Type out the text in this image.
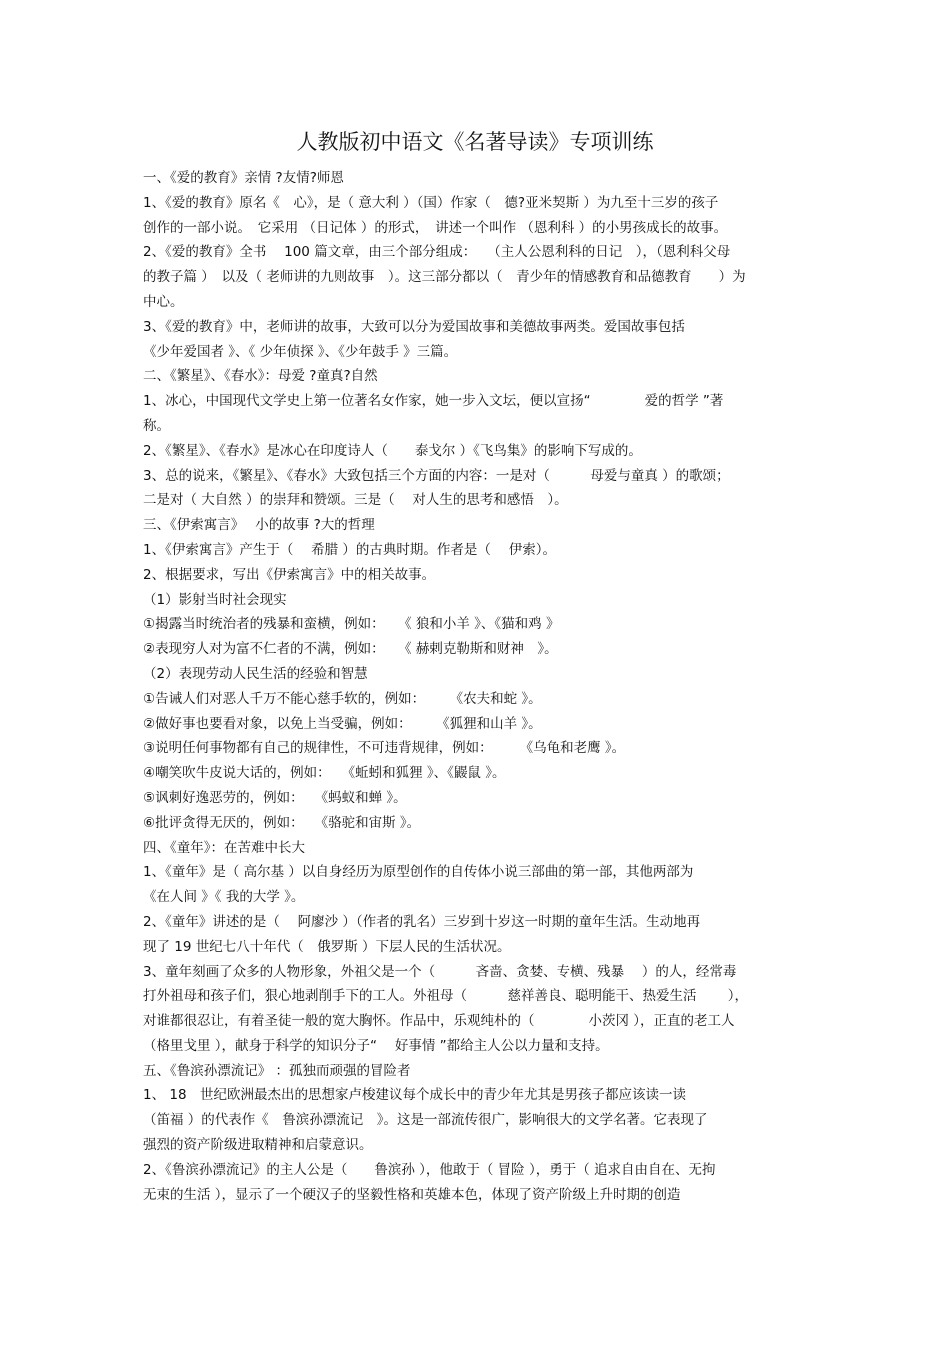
人教版初中语文《名著导读》专项训练
一、《爱的教育》亲情 ?友情?师恩
1、《爱的教育》原名《　心》，是（ 意大利 ）（国）作家（　德?亚米契斯 ）为九至十三岁的孩子
创作的一部小说。　它采用 （日记体 ）的形式，　讲述一个叫作 （恩利科 ）的小男孩成长的故事。
2、《爱的教育》全书　 100 篇文章，由三个部分组成：　 （主人公恩利科的日记　），（恩利科父母
的教子篇 ）　以及（ 老师讲的九则故事　）。这三部分都以（　青少年的情感教育和品德教育　　）为
中心。
3、《爱的教育》中，老师讲的故事，大致可以分为爱国故事和美德故事两类。爱国故事包括
《少年爱国者 》、《 少年侦探 》、《少年鼓手 》三篇。
二、《繁星》、《春水》：母爱 ?童真?自然
1、冰心，中国现代文学史上第一位著名女作家，她一步入文坛，便以宣扬“　　　　爱的哲学 ”著
称。
2、《繁星》、《春水》是冰心在印度诗人（　　泰戈尔 ）《飞鸟集》的影响下写成的。
3、总的说来，《繁星》、《春水》大致包括三个方面的内容：一是对（　　　母爱与童真 ）的歌颂；
二是对（ 大自然 ）的崇拜和赞颂。三是（　 对人生的思考和感悟　）。
三、《伊索寓言》　 小的故事 ?大的哲理
1、《伊索寓言》产生于（　 希腊 ）的古典时期。作者是（　 伊索）。
2、根据要求，写出《伊索寓言》中的相关故事。
（1）影射当时社会现实
①揭露当时统治者的残暴和蛮横，例如：　　《 狼和小羊 》、《猫和鸡 》
②表现穷人对为富不仁者的不满，例如：　　《 赫剌克勒斯和财神　》。
（2）表现劳动人民生活的经验和智慧
①告诫人们对恶人千万不能心慈手软的，例如：　　 《农夫和蛇 》。
②做好事也要看对象，以免上当受骗，例如：　　 《狐狸和山羊 》。
③说明任何事物都有自己的规律性，不可违背规律，例如：　　　《乌龟和老鹰 》。
④嘲笑吹牛皮说大话的，例如：　 《蚯蚓和狐狸 》、《鼹鼠 》。
⑤讽刺好逸恶劳的，例如：　 《蚂蚁和蝉 》。
⑥批评贪得无厌的，例如：　 《骆驼和宙斯 》。
四、《童年》：在苦难中长大
1、《童年》是（ 高尔基 ）以自身经历为原型创作的自传体小说三部曲的第一部，其他两部为
《在人间 》《 我的大学 》。
2、《童年》讲述的是（　 阿廖沙 ）（作者的乳名）三岁到十岁这一时期的童年生活。生动地再
现了 19 世纪七八十年代（　俄罗斯 ）下层人民的生活状况。
3、童年刻画了众多的人物形象，外祖父是一个（　　　吝啬、贪婪、专横、残暴　 ）的人，经常毒
打外祖母和孩子们，狠心地剥削手下的工人。外祖母（　　　慈祥善良、聪明能干、热爱生活　　 ），
对谁都很忍让，有着圣徒一般的宽大胸怀。作品中，乐观纯朴的（　　　　小茨冈 ），正直的老工人
（格里戈里 ），献身于科学的知识分子“　 好事情 ”都给主人公以力量和支持。
五、《鲁滨孙漂流记》 ：孤独而顽强的冒险者
1、 18　世纪欧洲最杰出的思想家卢梭建议每个成长中的青少年尤其是男孩子都应该读一读
（笛福 ）的代表作《　鲁滨孙漂流记　》。这是一部流传很广，影响很大的文学名著。它表现了
强烈的资产阶级进取精神和启蒙意识。
2、《鲁滨孙漂流记》的主人公是（　　鲁滨孙 ），他敢于（ 冒险 ），勇于（ 追求自由自在、无拘
无束的生活 ），显示了一个硬汉子的坚毅性格和英雄本色，体现了资产阶级上升时期的创造
